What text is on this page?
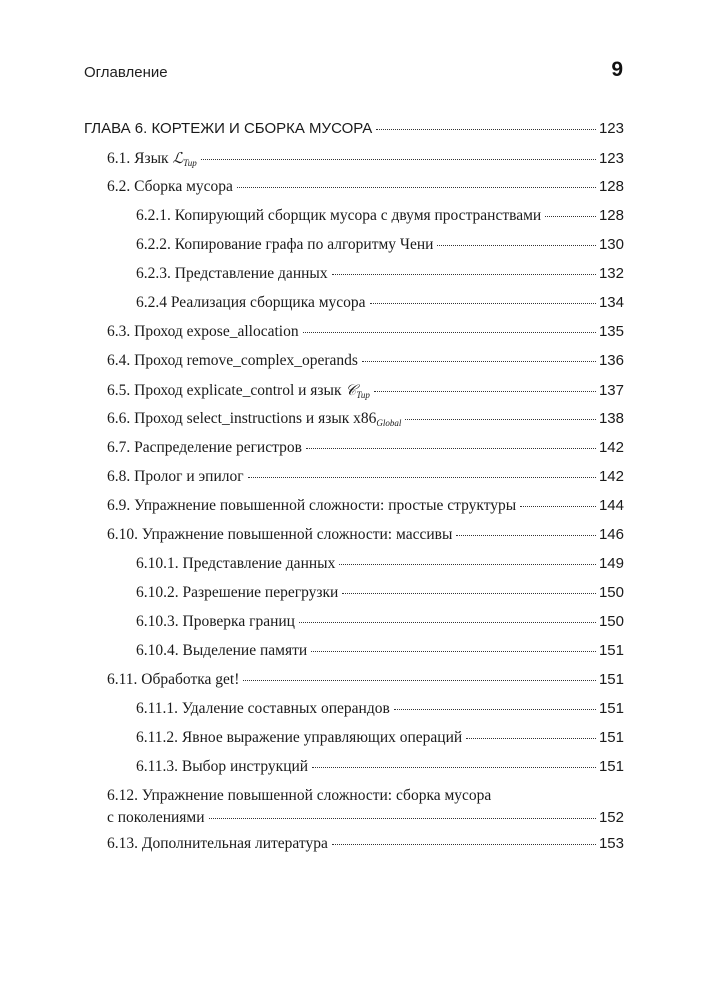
Оглавление	9
ГЛАВА 6. КОРТЕЖИ И СБОРКА МУСОРА	123
6.1. Язык ℒ$_{Tup}$	123
6.2. Сборка мусора	128
6.2.1. Копирующий сборщик мусора с двумя пространствами	128
6.2.2. Копирование графа по алгоритму Чени	130
6.2.3. Представление данных	132
6.2.4 Реализация сборщика мусора	134
6.3. Проход expose_allocation	135
6.4. Проход remove_complex_operands	136
6.5. Проход explicate_control и язык 𝒞$_{Tup}$	137
6.6. Проход select_instructions и язык $x86_{Global}$	138
6.7. Распределение регистров	142
6.8. Пролог и эпилог	142
6.9. Упражнение повышенной сложности: простые структуры	144
6.10. Упражнение повышенной сложности: массивы	146
6.10.1. Представление данных	149
6.10.2. Разрешение перегрузки	150
6.10.3. Проверка границ	150
6.10.4. Выделение памяти	151
6.11. Обработка get!	151
6.11.1. Удаление составных операндов	151
6.11.2. Явное выражение управляющих операций	151
6.11.3. Выбор инструкций	151
6.12. Упражнение повышенной сложности: сборка мусора
с поколениями	152
6.13. Дополнительная литература	153
